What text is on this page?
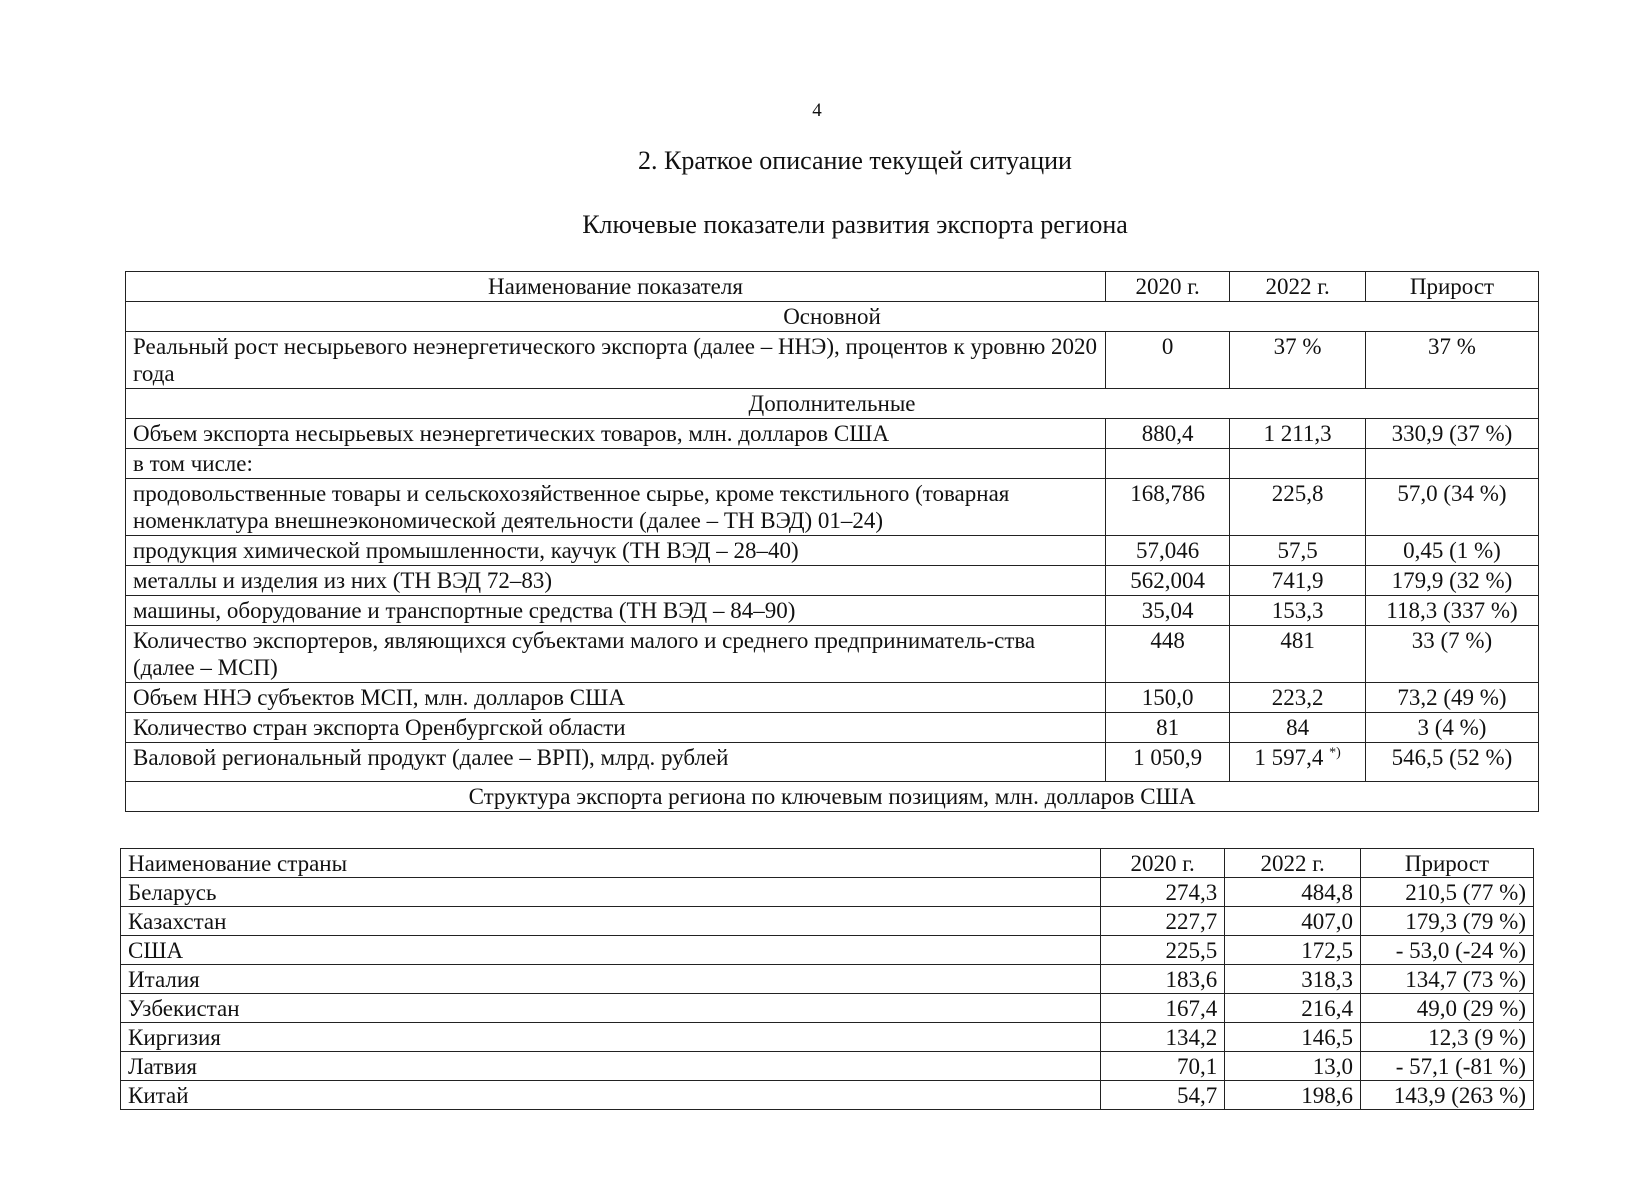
4
2. Краткое описание текущей ситуации
Ключевые показатели развития экспорта региона
Наименование показателя	2020 г.	2022 г.	Прирост
Основной			
Реальный рост несырьевого неэнергетического экспорта (далее – ННЭ), процентов к уровню 2020 года	0	37 %	37 %
Дополнительные			
Объем экспорта несырьевых неэнергетических товаров, млн. долларов США	880,4	1 211,3	330,9 (37 %)
в том числе:			
продовольственные товары и сельскохозяйственное сырье, кроме текстильного (товарная номенклатура внешнеэкономической деятельности (далее – ТН ВЭД) 01–24)	168,786	225,8	57,0 (34 %)
продукция химической промышленности, каучук (ТН ВЭД – 28–40)	57,046	57,5	0,45 (1 %)
металлы и изделия из них (ТН ВЭД 72–83)	562,004	741,9	179,9 (32 %)
машины, оборудование и транспортные средства (ТН ВЭД – 84–90)	35,04	153,3	118,3 (337 %)
Количество экспортеров, являющихся субъектами малого и среднего предприниматель-ства (далее – МСП)	448	481	33 (7 %)
Объем ННЭ субъектов МСП, млн. долларов США	150,0	223,2	73,2 (49 %)
Количество стран экспорта Оренбургской области	81	84	3 (4 %)
Валовой региональный продукт (далее – ВРП), млрд. рублей	1 050,9	1 597,4 *)	546,5 (52 %)
Структура экспорта региона по ключевым позициям, млн. долларов США			
Наименование страны	2020 г.	2022 г.	Прирост
Беларусь	274,3	484,8	210,5 (77 %)
Казахстан	227,7	407,0	179,3 (79 %)
США	225,5	172,5	- 53,0 (-24 %)
Италия	183,6	318,3	134,7 (73 %)
Узбекистан	167,4	216,4	49,0 (29 %)
Киргизия	134,2	146,5	12,3 (9 %)
Латвия	70,1	13,0	- 57,1 (-81 %)
Китай	54,7	198,6	143,9 (263 %)
